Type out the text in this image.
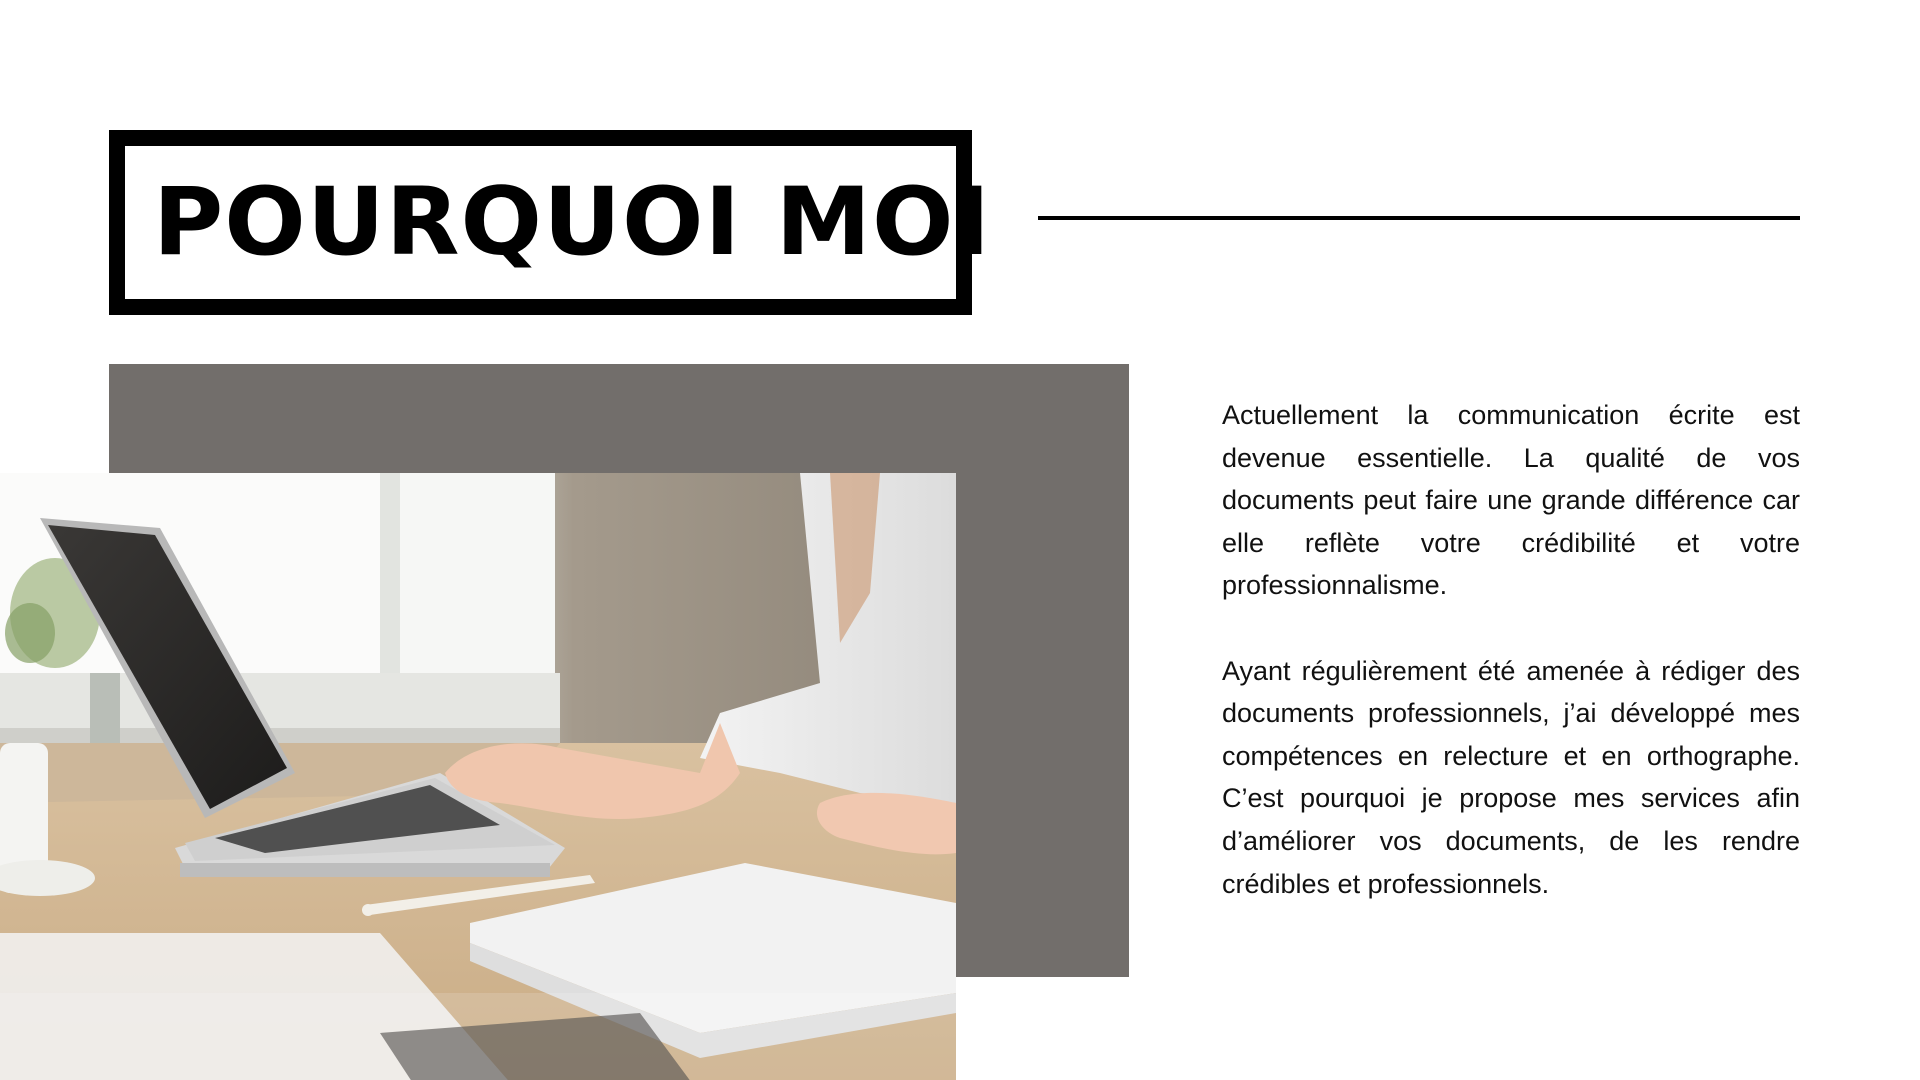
POURQUOI MOI

Actuellement la communication écrite est devenue essentielle. La qualité de vos documents peut faire une grande différence car elle reflète votre crédibilité et votre professionnalisme.

Ayant régulièrement été amenée à rédiger des documents professionnels, j’ai développé mes compétences en relecture et en orthographe. C’est pourquoi je propose mes services afin d’améliorer vos documents, de les rendre crédibles et professionnels.
